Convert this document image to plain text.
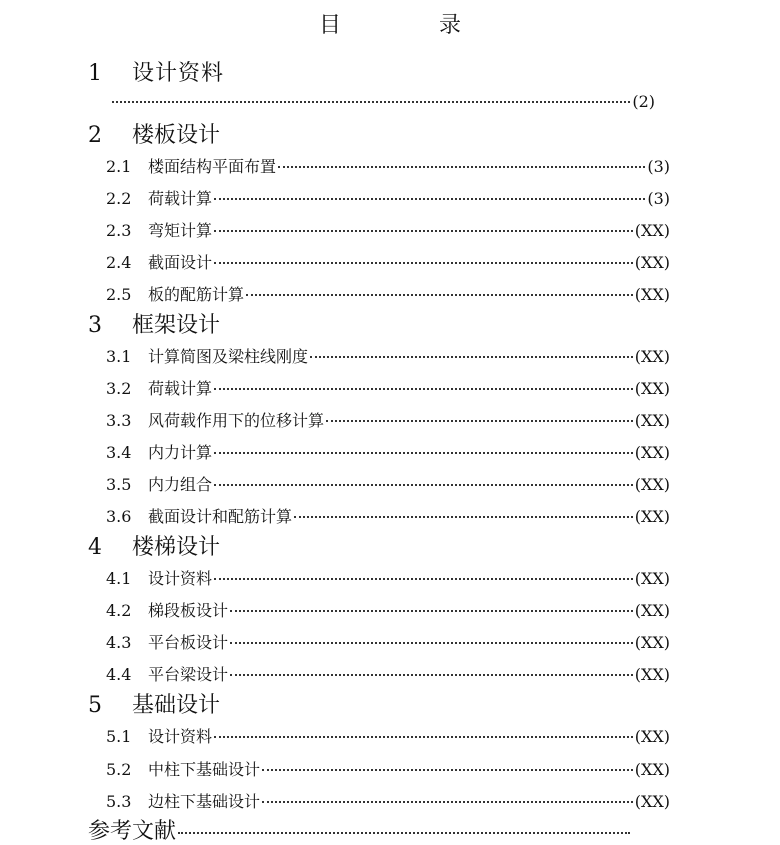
目　录
1	设计资料
(2)
2	楼板设计
2.1	楼面结构平面布置	(3)
2.2	荷载计算	(3)
2.3	弯矩计算	(XX)
2.4	截面设计	(XX)
2.5	板的配筋计算	(XX)
3	框架设计
3.1	计算简图及梁柱线刚度	(XX)
3.2	荷载计算	(XX)
3.3	风荷载作用下的位移计算	(XX)
3.4	内力计算	(XX)
3.5	内力组合	(XX)
3.6	截面设计和配筋计算	(XX)
4	楼梯设计
4.1	设计资料	(XX)
4.2	梯段板设计	(XX)
4.3	平台板设计	(XX)
4.4	平台梁设计	(XX)
5	基础设计
5.1	设计资料	(XX)
5.2	中柱下基础设计	(XX)
5.3	边柱下基础设计	(XX)
参考文献
